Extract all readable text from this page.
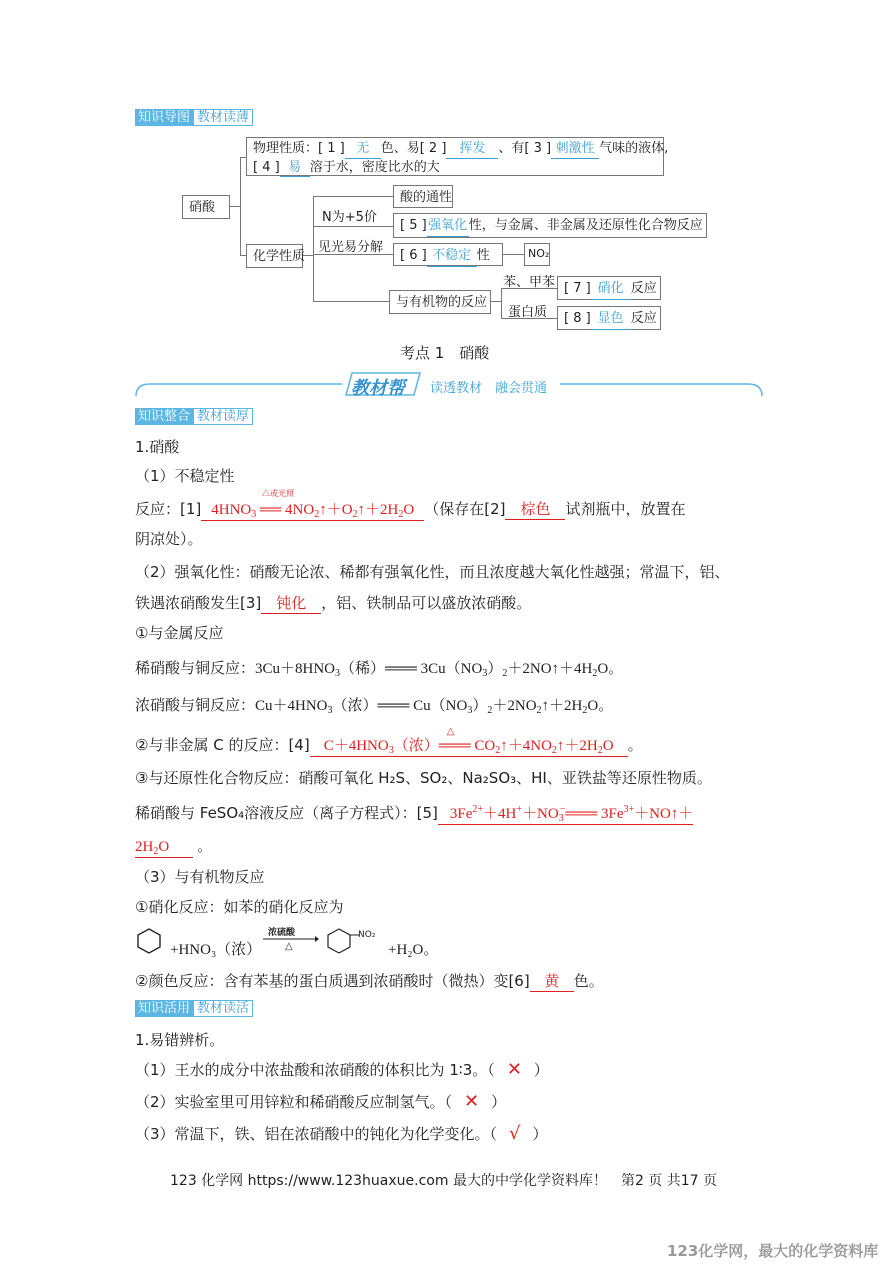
知识导图 教材读薄
硝酸
物理性质：[ 1 ] 无 色、易[ 2 ] 挥发 、有[ 3 ] 刺激性 气味的液体,
[ 4 ] 易 溶于水，密度比水的大
化学性质
N为+5价
见光易分解
酸的通性
[ 5 ]强氧化 性，与金属、非金属及还原性化合物反应
[ 6 ] 不稳定 性	NO₂
与有机物的反应
苯、甲苯
蛋白质
[ 7 ] 硝化 反应
[ 8 ] 显色 反应
考点 1　硝酸
教材帮 读透教材　融会贯通
知识整合 教材读厚
1.硝酸
（1）不稳定性
反应：[1] $4HNO_3$
△或光照
══ $4NO_2↑+O_2↑+2H_2O$ （保存在[2] 棕色 试剂瓶中，放置在
阴凉处）。
（2）强氧化性：硝酸无论浓、稀都有强氧化性，而且浓度越大氧化性越强；常温下，铝、
铁遇浓硝酸发生[3] 钝化 ，铝、铁制品可以盛放浓硝酸。
①与金属反应
稀硝酸与铜反应：$3Cu+8HNO_3$（稀）═══ $3Cu(NO_3)_2+2NO↑+4H_2O$。
浓硝酸与铜反应：$Cu+4HNO_3$（浓）═══ $Cu(NO_3)_2+2NO_2↑+2H_2O$。
②与非金属 C 的反应：[4] $C+4HNO_3$（浓）
△
═══ $CO_2↑+4NO_2↑+2H_2O$ 。
③与还原性化合物反应：硝酸可氧化 H₂S、SO₂、Na₂SO₃、HI、亚铁盐等还原性物质。
稀硝酸与 FeSO₄溶液反应（离子方程式）：[5] $3Fe^{2+}+4H^++NO_3^-═══$ $3Fe^{3+}+NO↑+$
$2H_2O$ 。
（3）与有机物反应
①硝化反应：如苯的硝化反应为
+HNO₃（浓）
浓硫酸
△
NO₂
+H₂O。
②颜色反应：含有苯基的蛋白质遇到浓硝酸时（微热）变[6] 黄 色。
知识活用 教材读活
1.易错辨析。
（1）王水的成分中浓盐酸和浓硝酸的体积比为 1∶3。（ ✕ ）
（2）实验室里可用锌粒和稀硝酸反应制氢气。（ ✕ ）
（3）常温下，铁、铝在浓硝酸中的钝化为化学变化。（ √ ）
123 化学网 https://www.123huaxue.com 最大的中学化学资料库！　第2 页 共17 页
123化学网，最大的化学资料库
